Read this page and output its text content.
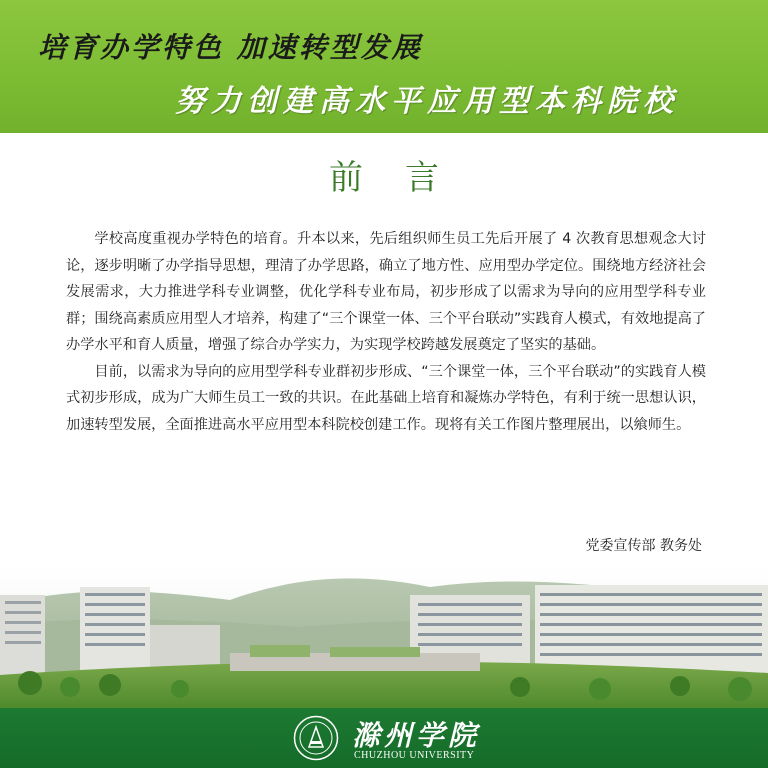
培育办学特色 加速转型发展
努力创建高水平应用型本科院校
前言

学校高度重视办学特色的培育。升本以来，先后组织师生员工先后开展了 4 次教育思想观念大讨论，逐步明晰了办学指导思想，理清了办学思路，确立了地方性、应用型办学定位。围绕地方经济社会发展需求，大力推进学科专业调整，优化学科专业布局，初步形成了以需求为导向的应用型学科专业群；围绕高素质应用型人才培养，构建了“三个课堂一体、三个平台联动”实践育人模式，有效地提高了办学水平和育人质量，增强了综合办学实力，为实现学校跨越发展奠定了坚实的基础。

目前，以需求为导向的应用型学科专业群初步形成、“三个课堂一体，三个平台联动”的实践育人模式初步形成，成为广大师生员工一致的共识。在此基础上培育和凝炼办学特色，有利于统一思想认识，加速转型发展，全面推进高水平应用型本科院校创建工作。现将有关工作图片整理展出，以飨师生。

党委宣传部 教务处
滁州学院
CHUZHOU UNIVERSITY
